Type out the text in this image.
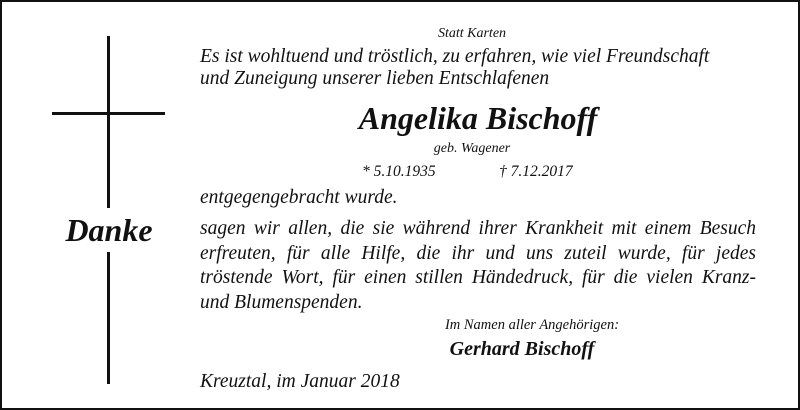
Danke
Statt Karten
Es ist wohltuend und tröstlich, zu erfahren, wie viel Freundschaft
und Zuneigung unserer lieben Entschlafenen
Angelika Bischoff
geb. Wagener
* 5.10.1935	† 7.12.2017
entgegengebracht wurde.
sagen wir allen, die sie während ihrer Krankheit mit einem Besuch
erfreuten, für alle Hilfe, die ihr und uns zuteil wurde, für jedes
tröstende Wort, für einen stillen Händedruck, für die vielen Kranz-
und Blumenspenden.
Im Namen aller Angehörigen:
Gerhard Bischoff
Kreuztal, im Januar 2018
